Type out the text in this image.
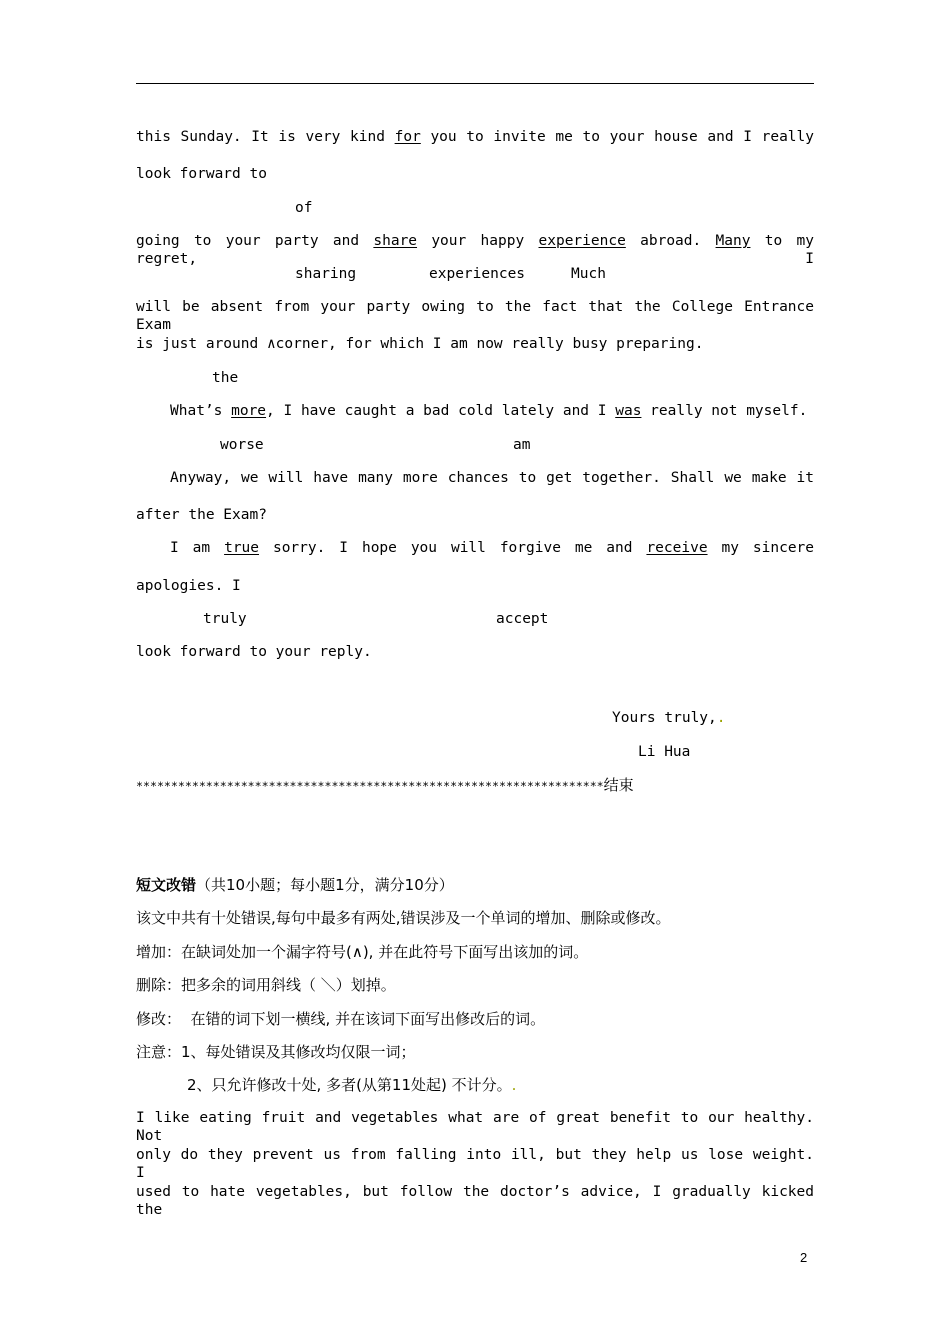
this Sunday. It is very kind for you to invite me to your house and I really
look forward to
of
going to your party and share your happy experience abroad. Many to my regret, I
sharing	experiences	Much
will be absent from your party owing to the fact that the College Entrance Exam
is just around ∧corner, for which I am now really busy preparing.
the
What’s more, I have caught a bad cold lately and I was really not myself.
worse	am
Anyway, we will have many more chances to get together. Shall we make it
after the Exam?
I am true sorry. I hope you will forgive me and receive my sincere
apologies. I
truly	accept
look forward to your reply.
Yours truly,.
Li Hua
*******************************************************************结束
短文改错（共10小题；每小题1分，满分10分）
该文中共有十处错误,每句中最多有两处,错误涉及一个单词的增加、删除或修改。
增加：在缺词处加一个漏字符号(∧), 并在此符号下面写出该加的词。
删除：把多余的词用斜线（ ＼）划掉。
修改：  在错的词下划一横线, 并在该词下面写出修改后的词。
注意：1、每处错误及其修改均仅限一词；
2、只允许修改十处, 多者(从第11处起) 不计分。.
I like eating fruit and vegetables what are of great benefit to our healthy. Not
only do they prevent us from falling into ill, but they help us lose weight. I
used to hate vegetables, but follow the doctor’s advice, I gradually kicked the
2
